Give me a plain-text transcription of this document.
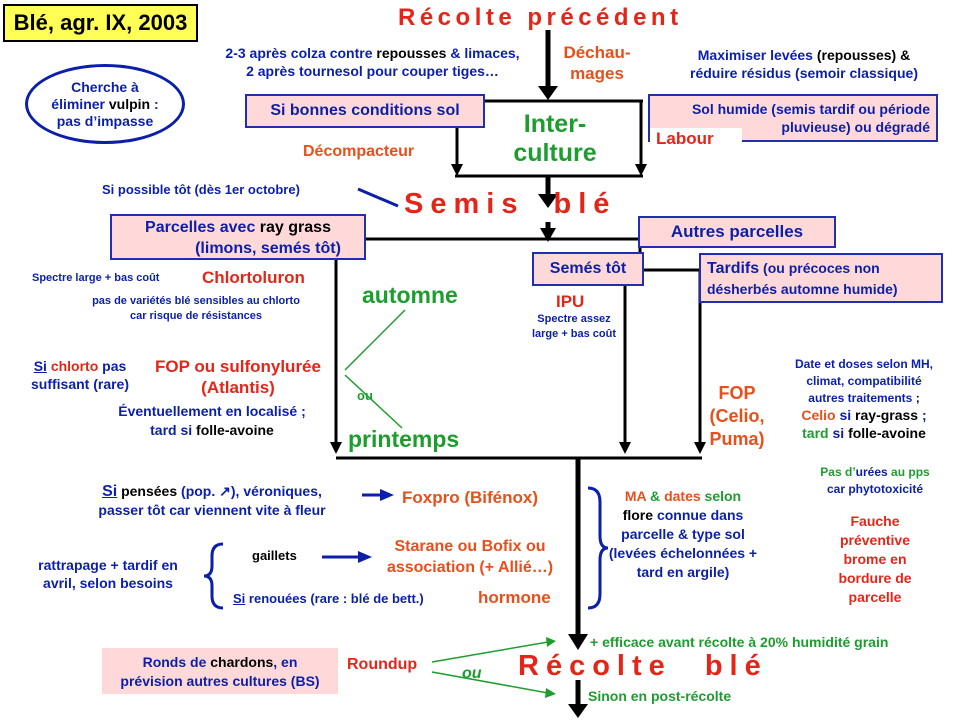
Blé, agr. IX, 2003	Récolte précédent
2-3 après colza contre repousses & limaces,
2 après tournesol pour couper tiges…
Déchau-
mages
Maximiser levées (repousses) &
réduire résidus (semoir classique)
Cherche à
éliminer vulpin :
pas d’impasse
Si bonnes conditions sol	Inter-
culture
Sol humide (semis tardif ou période pluvieuse) ou dégradé
Labour
Décompacteur
Si possible tôt (dès 1er octobre)	Semis blé
Parcelles avec ray grass
(limons, semés tôt)
Autres parcelles
Semés tôt	Tardifs (ou précoces non désherbés automne humide)
Spectre large + bas coût	Chlortoluron
pas de variétés blé sensibles au chlorto car risque de résistances
automne	IPU
Spectre assez large + bas coût
Si chlorto pas
suffisant (rare)
FOP ou sulfonylurée
(Atlantis)	ou
Éventuellement en localisé ;
tard si folle-avoine	printemps
FOP
(Celio,
Puma)
Date et doses selon MH,
climat, compatibilité
autres traitements ;
Celio si ray-grass ;
tard si folle-avoine
Pas d’urées au pps
car phytotoxicité
Si pensées (pop. ↗), véroniques,
passer tôt car viennent vite à fleur
Foxpro (Bifénox)	MA & dates selon
flore connue dans parcelle & type sol (levées échelonnées + tard en argile)
Fauche préventive brome en bordure de parcelle
rattrapage + tardif en avril, selon besoins
gaillets
Starane ou Bofix ou association (+ Allié…)
Si renouées (rare : blé de bett.)	hormone
+ efficace avant récolte à 20% humidité grain
Ronds de chardons, en prévision autres cultures (BS)
Roundup
ou Récolte blé
Sinon en post-récolte
